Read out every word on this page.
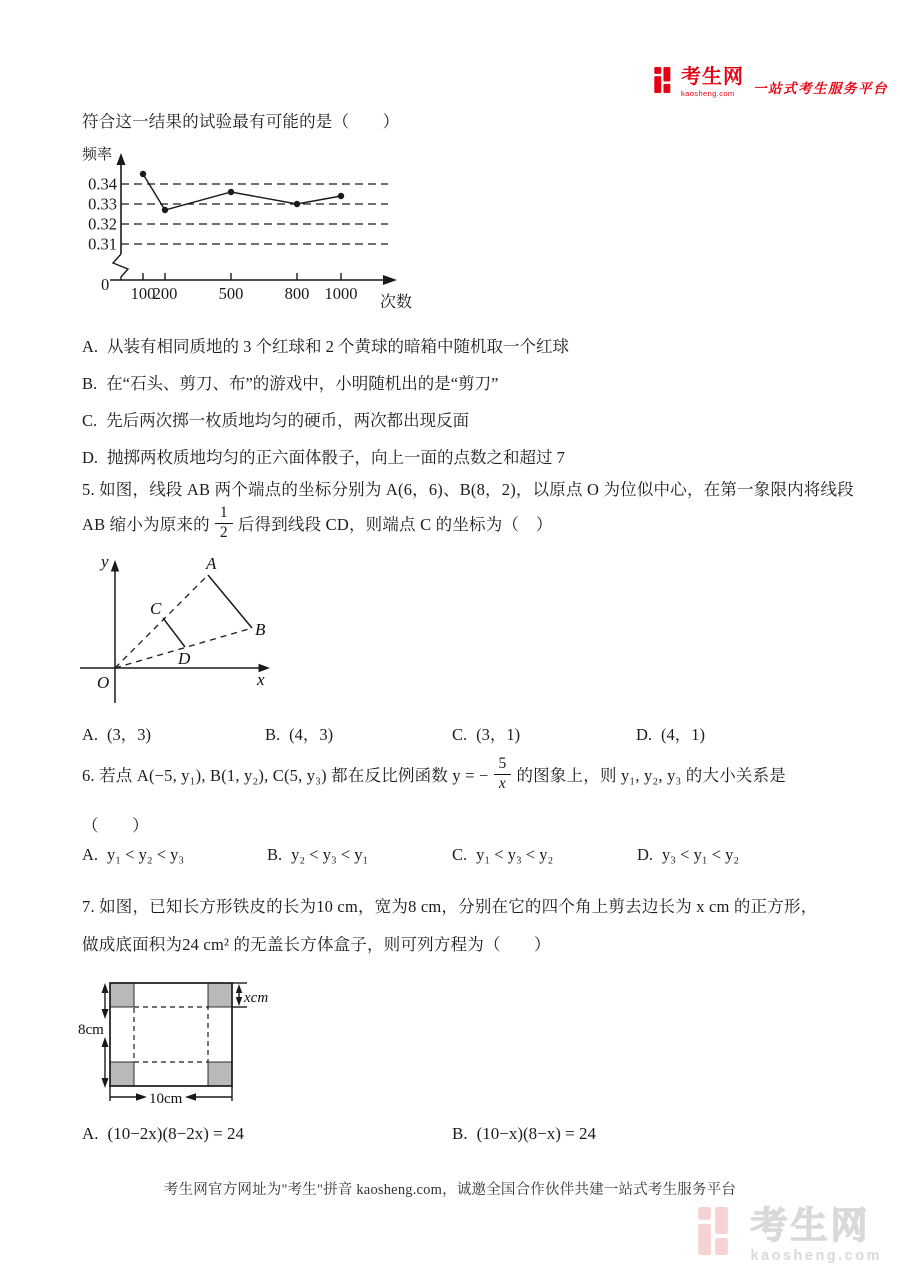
考生网
kaosheng.com	一站式考生服务平台
符合这一结果的试验最有可能的是（　　）
0.34
0.33
0.32
0.31
100
200	500	800 1000
频率
次数
0
A. 从装有相同质地的 3 个红球和 2 个黄球的暗箱中随机取一个红球
B. 在“石头、剪刀、布”的游戏中，小明随机出的是“剪刀”
C. 先后两次掷一枚质地均匀的硬币，两次都出现反面
D. 抛掷两枚质地均匀的正六面体骰子，向上一面的点数之和超过 7
5. 如图，线段 AB 两个端点的坐标分别为 A(6，6)、B(8，2)，以原点 O 为位似中心，在第一象限内将线段
AB 缩小为原来的 $\frac{1}{2}$ 后得到线段 CD，则端点 C 的坐标为（　）
y
x
O
A
B
C
D
A. (3，3)	B. (4，3)	C. (3，1)	D. (4，1)
6. 若点 A(−5, y₁), B(1, y₂), C(5, y₃) 都在反比例函数 y = − $\frac{5}{x}$ 的图象上，则 y₁, y₂, y₃ 的大小关系是
（　　）
A. y₁ < y₂ < y₃	B. y₂ < y₃ < y₁	C. y₁ < y₃ < y₂	D. y₃ < y₁ < y₂
7. 如图，已知长方形铁皮的长为10 cm，宽为8 cm，分别在它的四个角上剪去边长为 x cm 的正方形，
做成底面积为24 cm² 的无盖长方体盒子，则可列方程为（　　）
8cm
10cm
xcm
A. (10−2x)(8−2x) = 24	B. (10−x)(8−x) = 24
考生网官方网址为"考生"拼音 kaosheng.com，诚邀全国合作伙伴共建一站式考生服务平台
考生网
kaosheng.com
